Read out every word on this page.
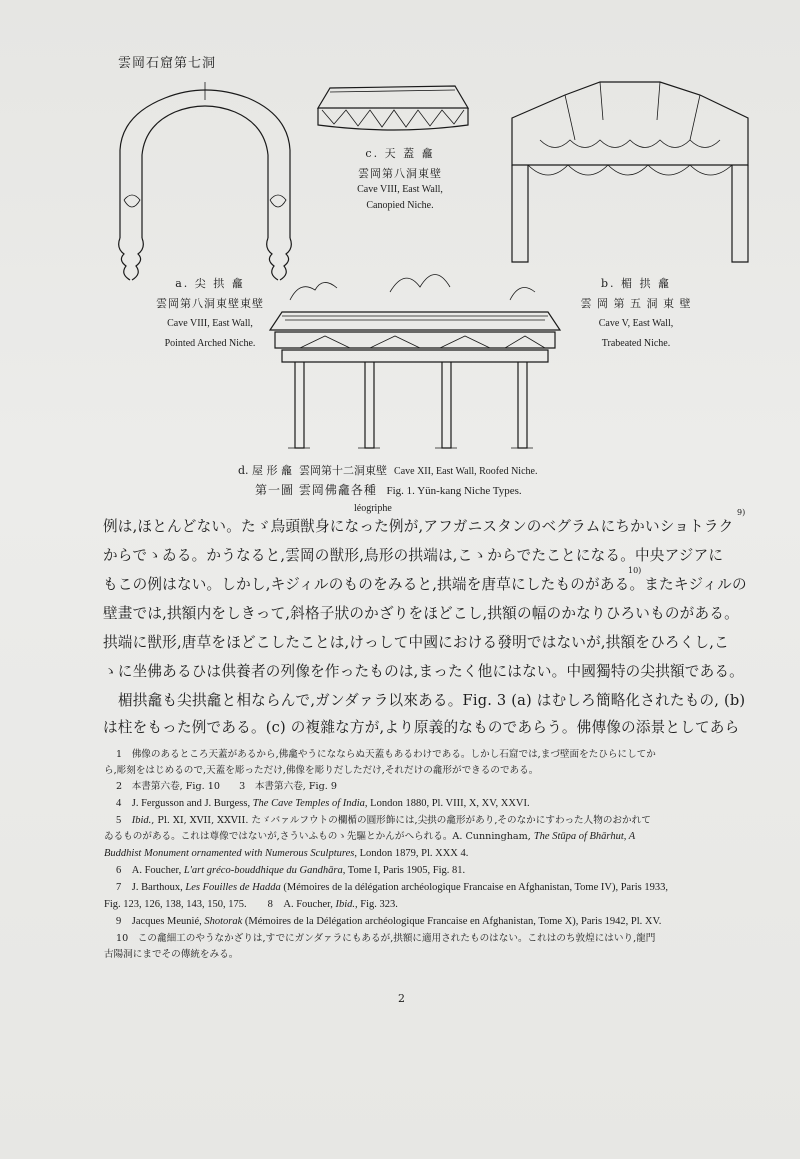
雲岡石窟第七洞
c. 天 蓋 龕
雲岡第八洞東壁
Cave VIII, East Wall,
Canopied Niche.
a. 尖 拱 龕
雲岡第八洞東壁東壁
Cave VIII, East Wall,
Pointed Arched Niche.
b. 楣 拱 龕
雲 岡 第 五 洞 東 壁
Cave V, East Wall,
Trabeated Niche.
d. 屋 形 龕 雲岡第十二洞東壁 Cave XII, East Wall, Roofed Niche.
第一圖 雲岡佛龕各種 Fig. 1. Yün-kang Niche Types.
léogriphe	9)
10)
例は,ほとんどない。たゞ鳥頭獣身になった例が,アフガニスタンのベグラムにちかいショトラク
からでゝゐる。かうなると,雲岡の獣形,鳥形の拱端は,こゝからでたことになる。中央アジアに
もこの例はない。しかし,キジィルのものをみると,拱端を唐草にしたものがある。またキジィルの
壁畫では,拱額内をしきって,斜格子狀のかざりをほどこし,拱額の幅のかなりひろいものがある。
拱端に獣形,唐草をほどこしたことは,けっして中國における發明ではないが,拱額をひろくし,こ
ゝに坐佛あるひは供養者の列像を作ったものは,まったく他にはない。中國獨特の尖拱額である。
楣拱龕も尖拱龕と相ならんで,ガンダァラ以來ある。Fig. 3 (a) はむしろ簡略化されたもの, (b)
は柱をもった例である。(c) の複雜な方が,より原義的なものであらう。佛傳像の添景としてあら
1　佛像のあるところ天蓋があるから,佛龕やうになならぬ天蓋もあるわけである。しかし石窟では,まづ壁面をたひらにしてか
ら,彫刻をはじめるので,天蓋を彫っただけ,佛像を彫りだしただけ,それだけの龕形ができるのである。
2　本書第六卷, Fig. 10　　3　本書第六卷, Fig. 9
4　J. Fergusson and J. Burgess, The Cave Temples of India, London 1880, Pl. VIII, X, XV, XXVI.
5　Ibid., Pl. XI, XVII, XXVII. たゞバァルフウトの欄楯の圓形飾には,尖拱の龕形があり,そのなかにすわった人物のおかれて
ゐるものがある。これは尊像ではないが,さういふものゝ先驅とかんがへられる。A. Cunningham, The Stūpa of Bhārhut, A
Buddhist Monument ornamented with Numerous Sculptures, London 1879, Pl. XXX 4.
6　A. Foucher, L'art gréco-bouddhique du Gandhāra, Tome I, Paris 1905, Fig. 81.
7　J. Barthoux, Les Fouilles de Hadda (Mémoires de la délégation archéologique Francaise en Afghanistan, Tome IV), Paris 1933,
Fig. 123, 126, 138, 143, 150, 175.　　8　A. Foucher, Ibid., Fig. 323.
9　Jacques Meunié, Shotorak (Mémoires de la Délégation archéologique Francaise en Afghanistan, Tome X), Paris 1942, Pl. XV.
10　この龕細工のやうなかざりは,すでにガンダァラにもあるが,拱額に適用されたものはない。これはのち敦煌にはいり,龍門
古陽洞にまでその傳統をみる。
2
